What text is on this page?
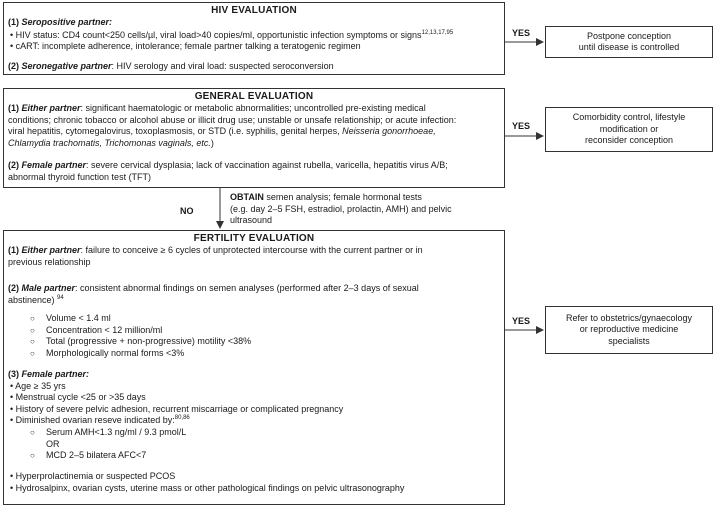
HIV EVALUATION
(1) Seropositive partner:
• HIV status: CD4 count<250 cells/µl, viral load>40 copies/ml, opportunistic infection symptoms or signs$^{12,13,17,95}$
• cART: incomplete adherence, intolerance; female partner talking a teratogenic regimen
(2) Seronegative partner: HIV serology and viral load: suspected seroconversion
YES	Postpone conception
until disease is controlled
GENERAL EVALUATION
(1) Either partner: significant haematologic or metabolic abnormalities; uncontrolled pre-existing medical
conditions; chronic tobacco or alcohol abuse or illicit drug use; unstable or unsafe relationship; or acute infection:
viral hepatitis, cytomegalovirus, toxoplasmosis, or STD (i.e. syphilis, genital herpes, Neisseria gonorrhoeae,
Chlamydia trachomatis, Trichomonas vaginals, etc.)
(2) Female partner: severe cervical dysplasia; lack of vaccination against rubella, varicella, hepatitis virus A/B;
abnormal thyroid function test (TFT)
YES
Comorbidity control, lifestyle
modification or
reconsider conception
NO
OBTAIN semen analysis; female hormonal tests
(e.g. day 2–5 FSH, estradiol, prolactin, AMH) and pelvic
ultrasound
FERTILITY EVALUATION
(1) Either partner: failure to conceive ≥ 6 cycles of unprotected intercourse with the current partner or in
previous relationship
(2) Male partner: consistent abnormal findings on semen analyses (performed after 2–3 days of sexual
abstinence) $^{94}$
○ Volume < 1.4 ml
○ Concentration < 12 million/ml
○ Total (progressive + non-progressive) motility <38%
○ Morphologically normal forms <3%
(3) Female partner:
• Age ≥ 35 yrs
• Menstrual cycle <25 or >35 days
• History of severe pelvic adhesion, recurrent miscarriage or complicated pregnancy
• Diminished ovarian reseve indicated by:$^{80,86}$
○ Serum AMH<1.3 ng/ml / 9.3 pmol/L
OR
○ MCD 2–5 bilatera AFC<7
• Hyperprolactinemia or suspected PCOS
• Hydrosalpinx, ovarian cysts, uterine mass or other pathological findings on pelvic ultrasonography
YES	Refer to obstetrics/gynaecology
or reproductive medicine
specialists
